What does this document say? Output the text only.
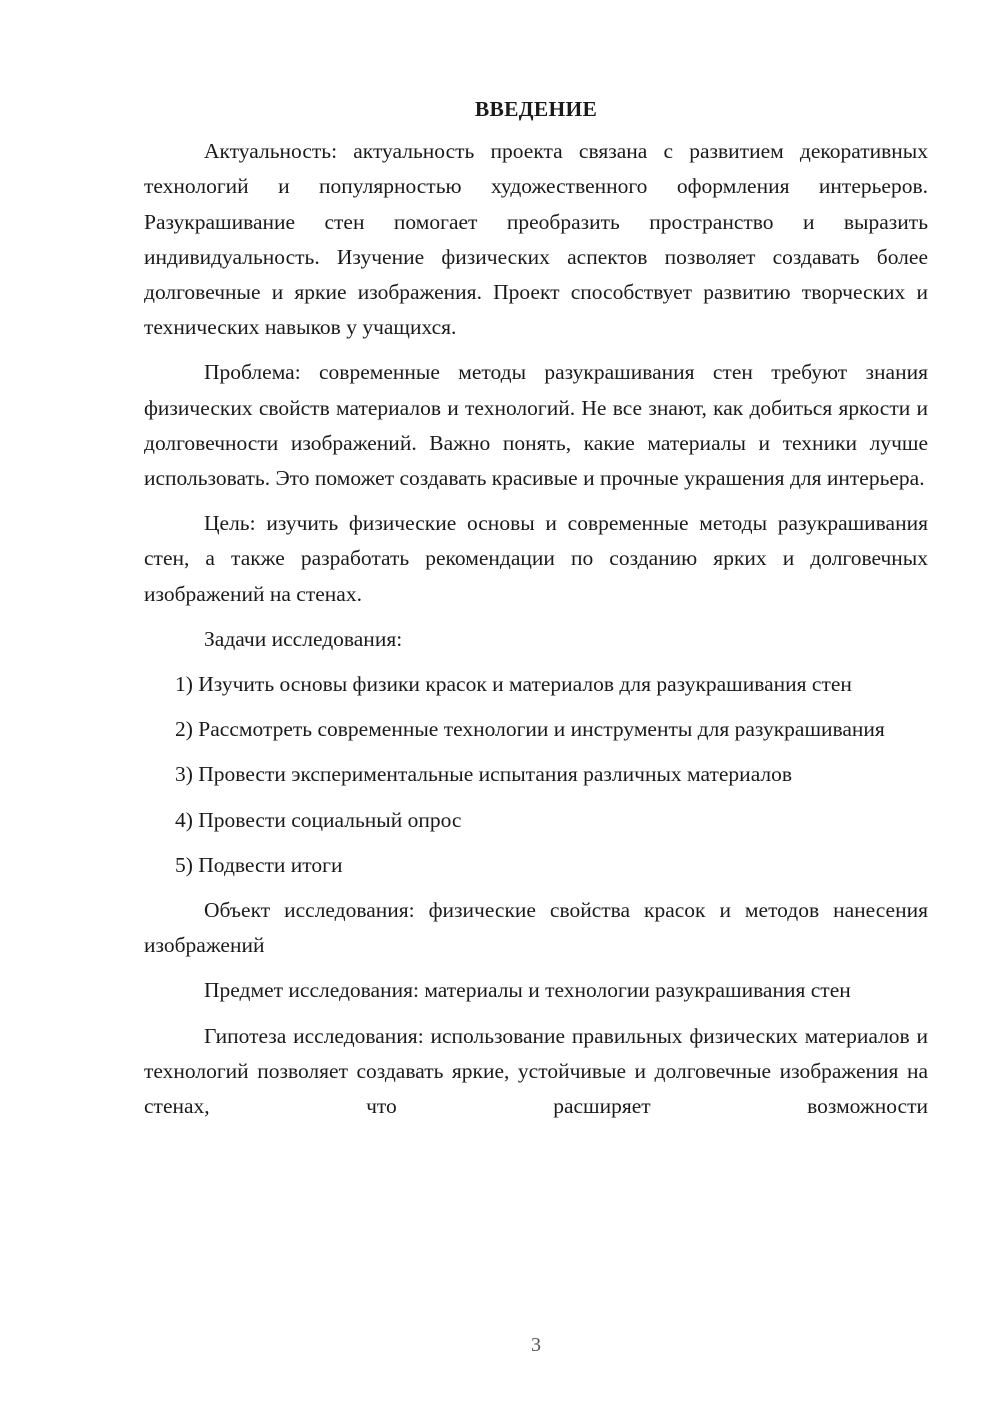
ВВЕДЕНИЕ

Актуальность: актуальность проекта связана с развитием декоративных технологий и популярностью художественного оформления интерьеров. Разукрашивание стен помогает преобразить пространство и выразить индивидуальность. Изучение физических аспектов позволяет создавать более долговечные и яркие изображения. Проект способствует развитию творческих и технических навыков у учащихся.

Проблема: современные методы разукрашивания стен требуют знания физических свойств материалов и технологий. Не все знают, как добиться яркости и долговечности изображений. Важно понять, какие материалы и техники лучше использовать. Это поможет создавать красивые и прочные украшения для интерьера.

Цель: изучить физические основы и современные методы разукрашивания стен, а также разработать рекомендации по созданию ярких и долговечных изображений на стенах.

Задачи исследования:

1) Изучить основы физики красок и материалов для разукрашивания стен

2) Рассмотреть современные технологии и инструменты для разукрашивания

3) Провести экспериментальные испытания различных материалов

4) Провести социальный опрос

5) Подвести итоги

Объект исследования: физические свойства красок и методов нанесения изображений

Предмет исследования: материалы и технологии разукрашивания стен

Гипотеза исследования: использование правильных физических материалов и технологий позволяет создавать яркие, устойчивые и долговечные изображения на стенах, что расширяет возможности

3
